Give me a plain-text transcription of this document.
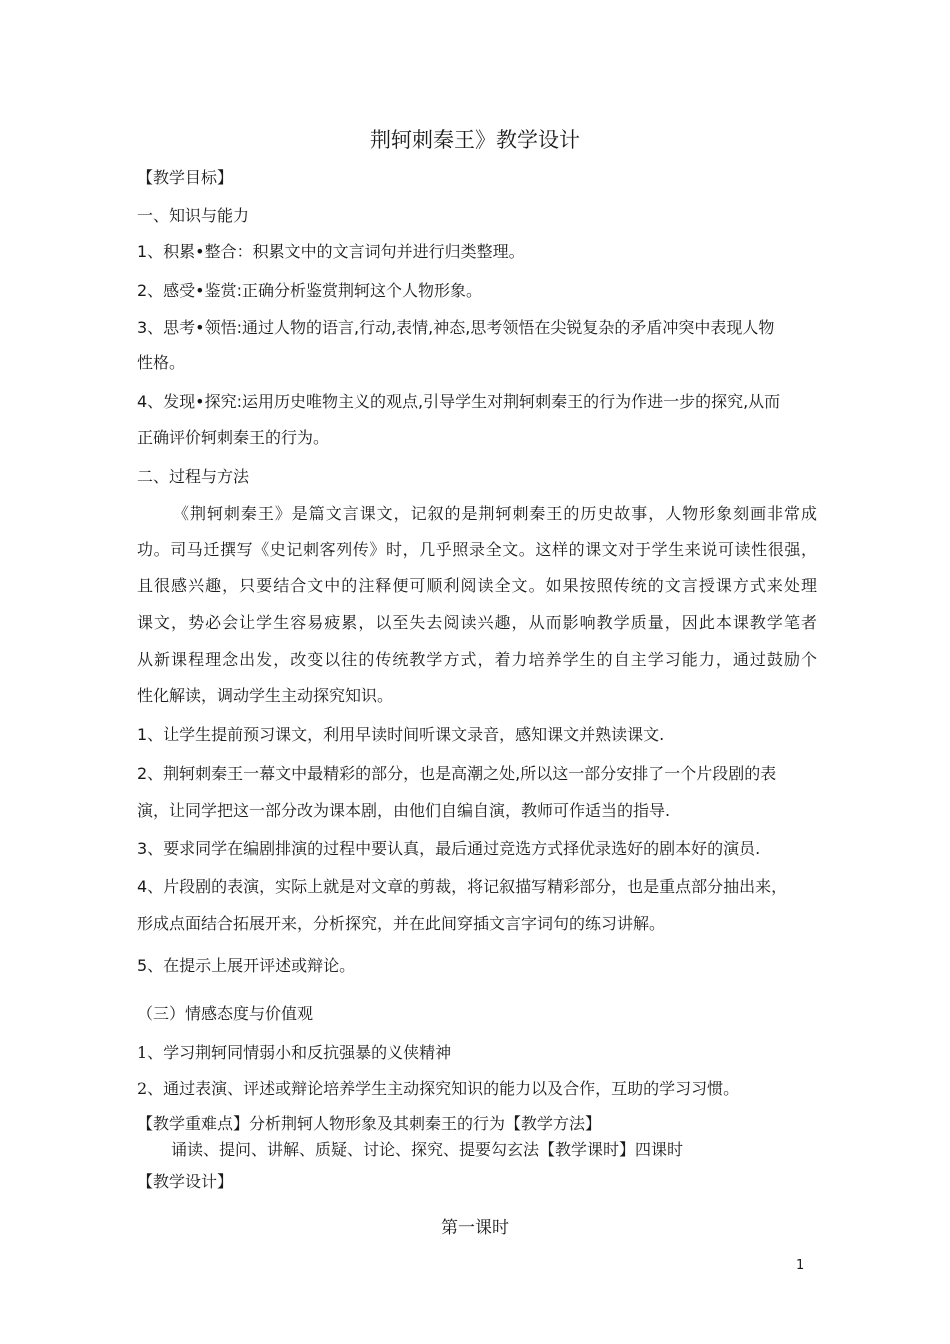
荆轲刺秦王》教学设计
【教学目标】
一、知识与能力
1、积累•整合：积累文中的文言词句并进行归类整理。
2、感受•鉴赏:正确分析鉴赏荆轲这个人物形象。
3、思考•领悟:通过人物的语言,行动,表情,神态,思考领悟在尖锐复杂的矛盾冲突中表现人物
性格。
4、发现•探究:运用历史唯物主义的观点,引导学生对荆轲刺秦王的行为作进一步的探究,从而
正确评价轲刺秦王的行为。
二、过程与方法
《荆轲刺秦王》是篇文言课文，记叙的是荆轲刺秦王的历史故事，人物形象刻画非常成
功。司马迁撰写《史记刺客列传》时，几乎照录全文。这样的课文对于学生来说可读性很强，
且很感兴趣，只要结合文中的注释便可顺利阅读全文。如果按照传统的文言授课方式来处理
课文，势必会让学生容易疲累，以至失去阅读兴趣，从而影响教学质量，因此本课教学笔者
从新课程理念出发，改变以往的传统教学方式，着力培养学生的自主学习能力，通过鼓励个
性化解读，调动学生主动探究知识。
1、让学生提前预习课文，利用早读时间听课文录音，感知课文并熟读课文.
2、荆轲刺秦王一幕文中最精彩的部分，也是高潮之处,所以这一部分安排了一个片段剧的表
演，让同学把这一部分改为课本剧，由他们自编自演，教师可作适当的指导.
3、要求同学在编剧排演的过程中要认真，最后通过竞选方式择优录选好的剧本好的演员.
4、片段剧的表演，实际上就是对文章的剪裁，将记叙描写精彩部分，也是重点部分抽出来，
形成点面结合拓展开来，分析探究，并在此间穿插文言字词句的练习讲解。
5、在提示上展开评述或辩论。
（三）情感态度与价值观
1、学习荆轲同情弱小和反抗强暴的义侠精神
2、通过表演、评述或辩论培养学生主动探究知识的能力以及合作，互助的学习习惯。
【教学重难点】分析荆轲人物形象及其刺秦王的行为【教学方法】
诵读、提问、讲解、质疑、讨论、探究、提要勾玄法【教学课时】四课时
【教学设计】
第一课时
1
